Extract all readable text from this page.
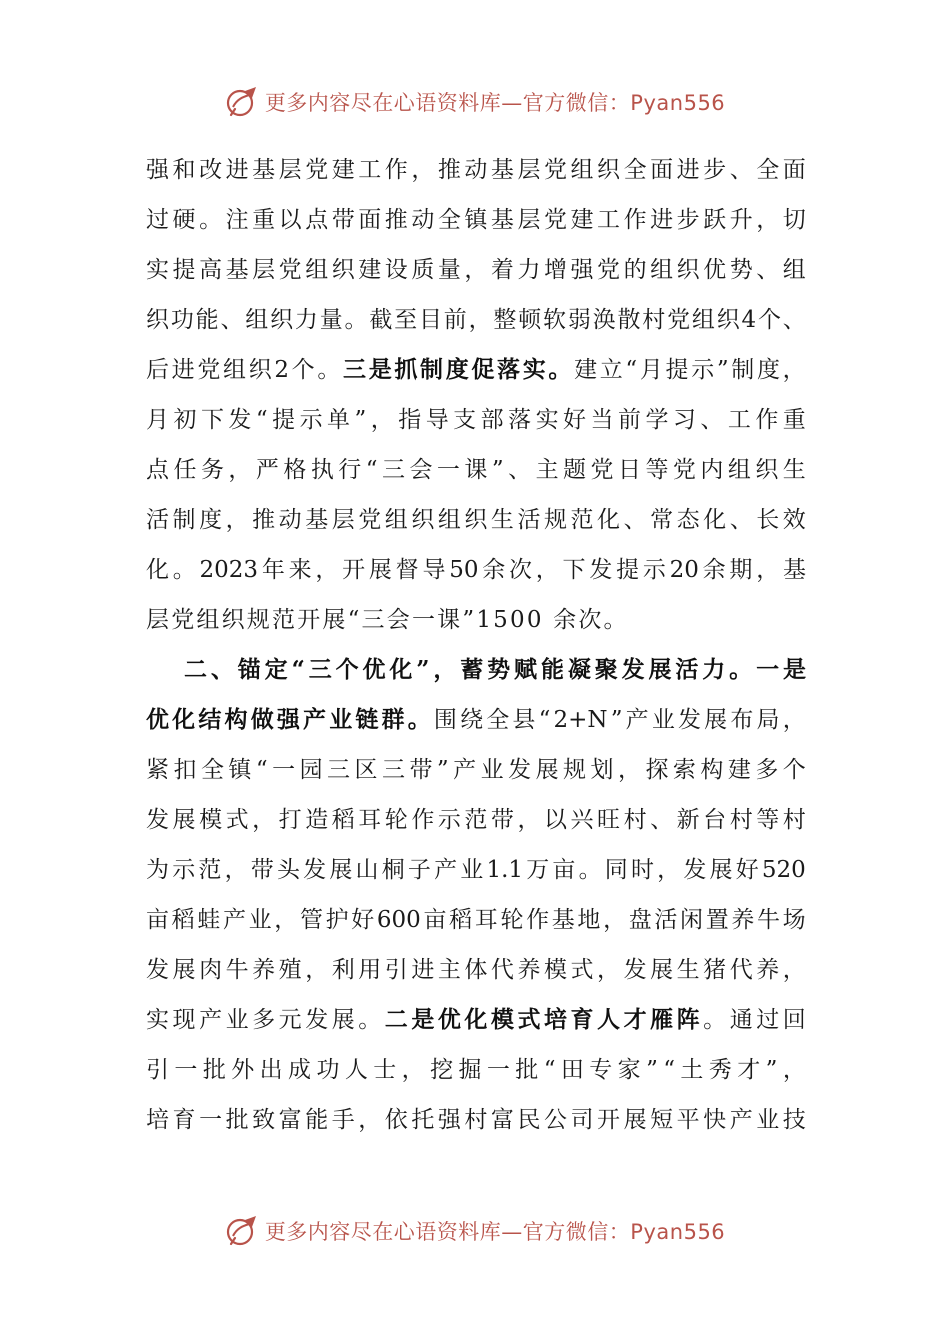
更多内容尽在心语资料库—官方微信：Pyan556
强 和 改 进 基 层 党 建 工 作 ， 推 动 基 层 党 组 织 全 面 进 步 、 全 面
过 硬 。 注 重 以 点 带 面 推 动 全 镇 基 层 党 建 工 作 进 步 跃 升 ， 切
实 提 高 基 层 党 组 织 建 设 质 量 ， 着 力 增 强 党 的 组 织 优 势 、 组
织 功 能 、 组 织 力 量 。 截 至 目 前 ， 整 顿 软 弱 涣 散 村 党 组 织 4 个 、
后 进 党 组 织 2 个 。 三 是 抓 制 度 促 落 实 。 建 立 “ 月 提 示 ” 制 度 ，
月 初 下 发 “ 提 示 单 ” ， 指 导 支 部 落 实 好 当 前 学 习 、 工 作 重
点 任 务 ， 严 格 执 行 “ 三 会 一 课 ” 、 主 题 党 日 等 党 内 组 织 生
活 制 度 ， 推 动 基 层 党 组 织 组 织 生 活 规 范 化 、 常 态 化 、 长 效
化 。 2023 年 来 ， 开 展 督 导 50 余 次 ， 下 发 提 示 20 余 期 ， 基
层党组织规范开展“三会一课”1500 余次。
二 、 锚 定 “ 三 个 优 化 ” ， 蓄 势 赋 能 凝 聚 发 展 活 力 。 一 是
优 化 结 构 做 强 产 业 链 群 。 围 绕 全 县 “ 2+N ” 产 业 发 展 布 局 ，
紧 扣 全 镇 “ 一 园 三 区 三 带 ” 产 业 发 展 规 划 ， 探 索 构 建 多 个
发 展 模 式 ， 打 造 稻 耳 轮 作 示 范 带 ， 以 兴 旺 村 、 新 台 村 等 村
为 示 范 ， 带 头 发 展 山 桐 子 产 业 1.1 万 亩 。 同 时 ， 发 展 好 520
亩 稻 蛙 产 业 ， 管 护 好 600 亩 稻 耳 轮 作 基 地 ， 盘 活 闲 置 养 牛 场
发 展 肉 牛 养 殖 ， 利 用 引 进 主 体 代 养 模 式 ， 发 展 生 猪 代 养 ，
实 现 产 业 多 元 发 展 。 二 是 优 化 模 式 培 育 人 才 雁 阵 。 通 过 回
引 一 批 外 出 成 功 人 士 ， 挖 掘 一 批 “ 田 专 家 ” “ 土 秀 才 ” ，
培 育 一 批 致 富 能 手 ， 依 托 强 村 富 民 公 司 开 展 短 平 快 产 业 技
更多内容尽在心语资料库—官方微信：Pyan556
